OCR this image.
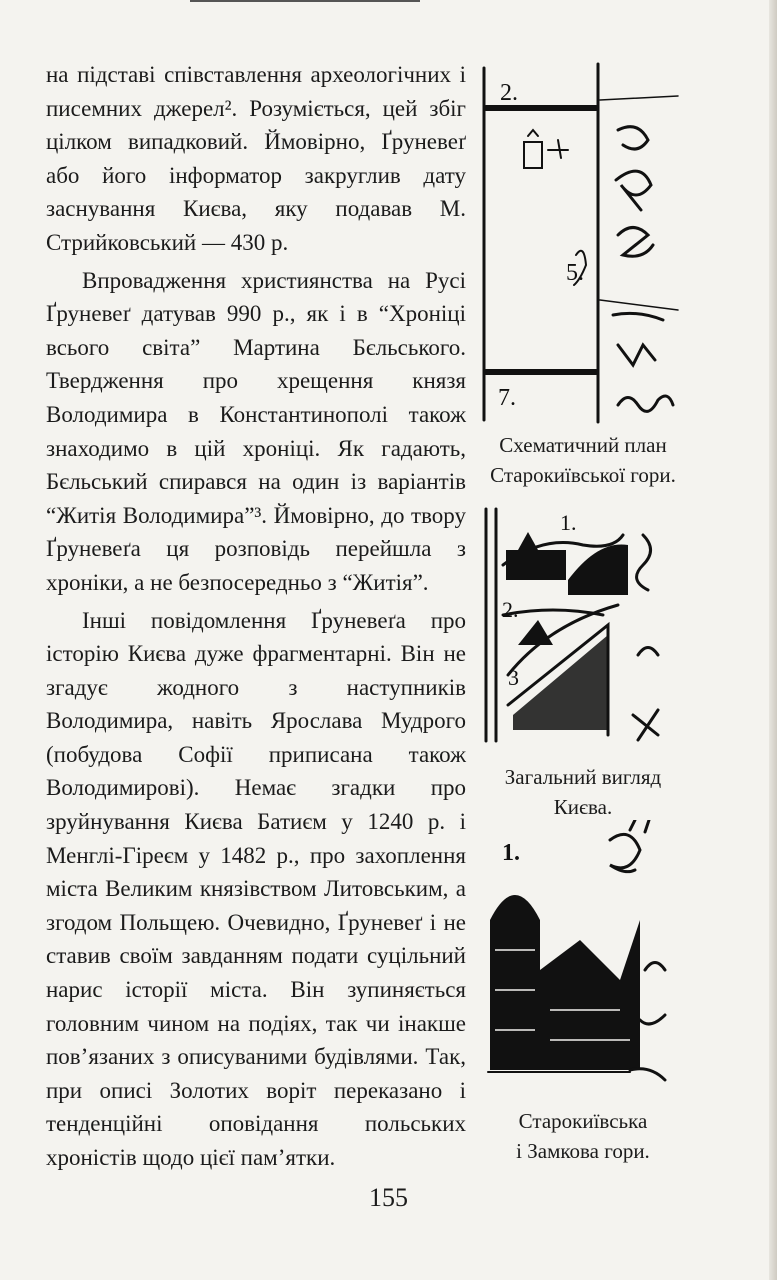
на підставі співставлення археологічних і писемних джерел². Розуміється, цей збіг цілком випадковий. Ймовірно, Ґруневеґ або його інформатор закруглив дату заснування Києва, яку подавав М. Стрийковський — 430 р.

Впровадження християнства на Русі Ґруневеґ датував 990 р., як і в “Хроніці всього світа” Мартина Бєльського. Твердження про хрещення князя Володимира в Константинополі також знаходимо в цій хроніці. Як гадають, Бєльський спирався на один із варіантів “Житія Володимира”³. Ймовірно, до твору Ґруневеґа ця розповідь перейшла з хроніки, а не безпосередньо з “Житія”.

Інші повідомлення Ґруневеґа про історію Києва дуже фрагментарні. Він не згадує жодного з наступників Володимира, навіть Ярослава Мудрого (побудова Софії приписана також Володимирові). Немає згадки про зруйнування Києва Батиєм у 1240 р. і Менглі-Гіреєм у 1482 р., про захоплення міста Великим князівством Литовським, а згодом Польщею. Очевидно, Ґруневеґ і не ставив своїм завданням подати суцільний нарис історії міста. Він зупиняється головним чином на подіях, так чи інакше пов’язаних з описуваними будівлями. Так, при описі Золотих воріт переказано і тенденційні оповідання польських хроністів щодо цієї пам’ятки.

2.
5.
7.
Схематичний план
Старокиївської гори.
1.
2.
3
Загальний вигляд
Києва.
1.
Старокиївська
і Замкова гори.
155
